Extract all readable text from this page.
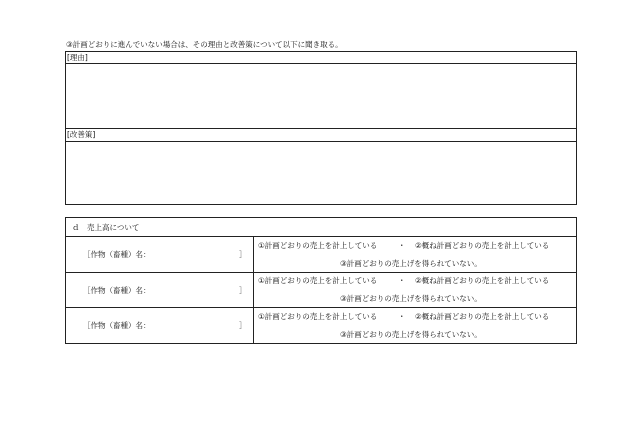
③計画どおりに進んでいない場合は、その理由と改善策について以下に聞き取る。
[理由]
[改善策]
ｄ　売上高について
［作物（畜種）名：	］
①計画どおりの売上を計上している	・ ②概ね計画どおりの売上を計上している
③計画どおりの売上げを得られていない。
［作物（畜種）名：	］
①計画どおりの売上を計上している	・ ②概ね計画どおりの売上を計上している
③計画どおりの売上げを得られていない。
［作物（畜種）名：	］
①計画どおりの売上を計上している	・ ②概ね計画どおりの売上を計上している
③計画どおりの売上げを得られていない。
